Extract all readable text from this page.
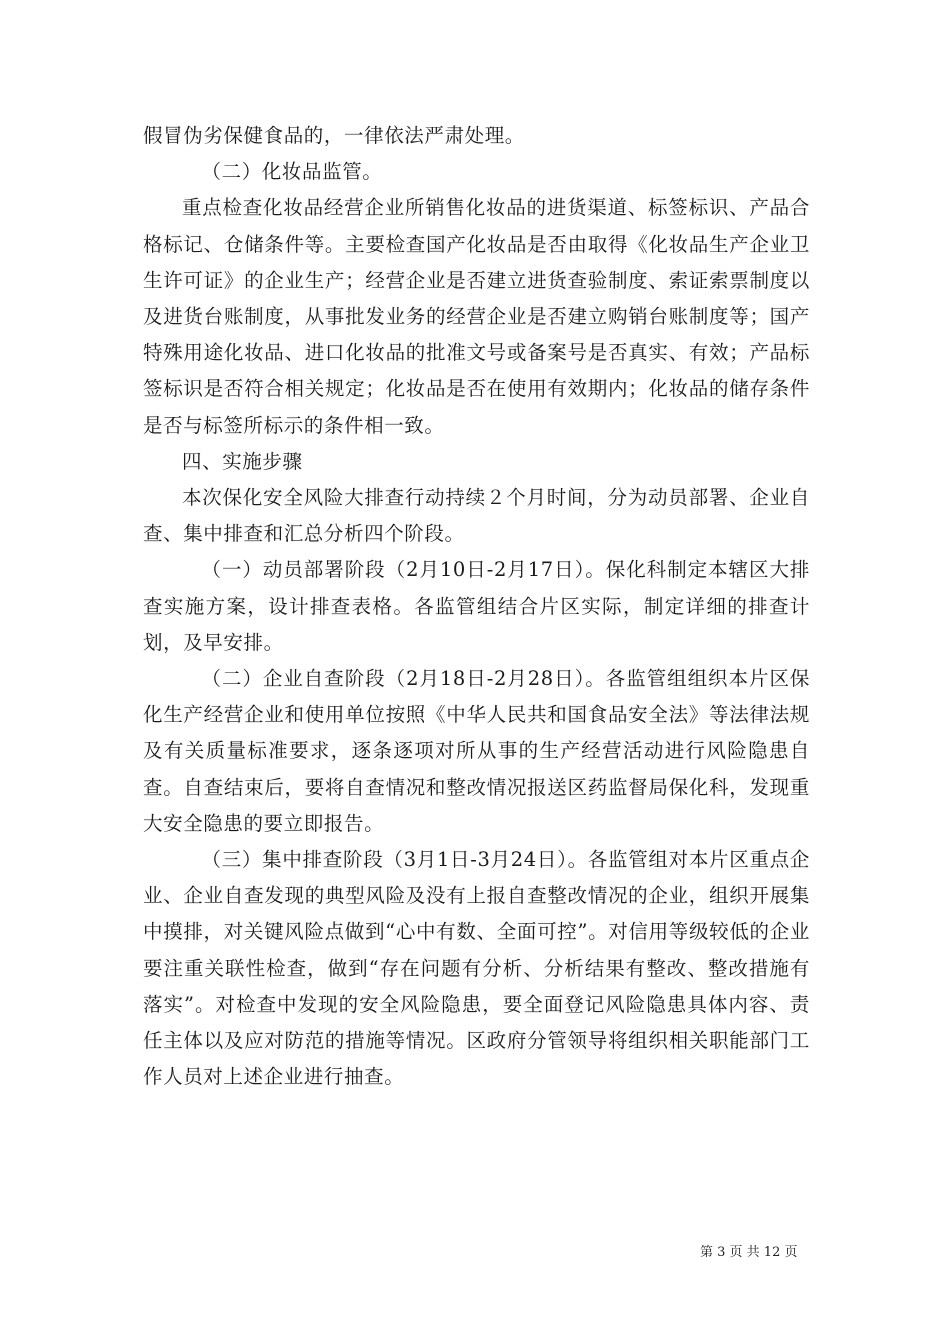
假冒伪劣保健食品的，一律依法严肃处理。

（二）化妆品监管。

重点检查化妆品经营企业所销售化妆品的进货渠道、标签标识、产品合格标记、仓储条件等。主要检查国产化妆品是否由取得《化妆品生产企业卫生许可证》的企业生产；经营企业是否建立进货查验制度、索证索票制度以及进货台账制度，从事批发业务的经营企业是否建立购销台账制度等；国产特殊用途化妆品、进口化妆品的批准文号或备案号是否真实、有效；产品标签标识是否符合相关规定；化妆品是否在使用有效期内；化妆品的储存条件是否与标签所标示的条件相一致。

四、实施步骤

本次保化安全风险大排查行动持续２个月时间，分为动员部署、企业自查、集中排查和汇总分析四个阶段。

（一）动员部署阶段（2月10日-2月17日）。保化科制定本辖区大排查实施方案，设计排查表格。各监管组结合片区实际，制定详细的排查计划，及早安排。

（二）企业自查阶段（2月18日-2月28日）。各监管组组织本片区保化生产经营企业和使用单位按照《中华人民共和国食品安全法》等法律法规及有关质量标准要求，逐条逐项对所从事的生产经营活动进行风险隐患自查。自查结束后，要将自查情况和整改情况报送区药监督局保化科，发现重大安全隐患的要立即报告。

（三）集中排查阶段（3月1日-3月24日）。各监管组对本片区重点企业、企业自查发现的典型风险及没有上报自查整改情况的企业，组织开展集中摸排，对关键风险点做到“心中有数、全面可控”。对信用等级较低的企业要注重关联性检查，做到“存在问题有分析、分析结果有整改、整改措施有落实”。对检查中发现的安全风险隐患，要全面登记风险隐患具体内容、责任主体以及应对防范的措施等情况。区政府分管领导将组织相关职能部门工作人员对上述企业进行抽查。

第 3 页 共 12 页
